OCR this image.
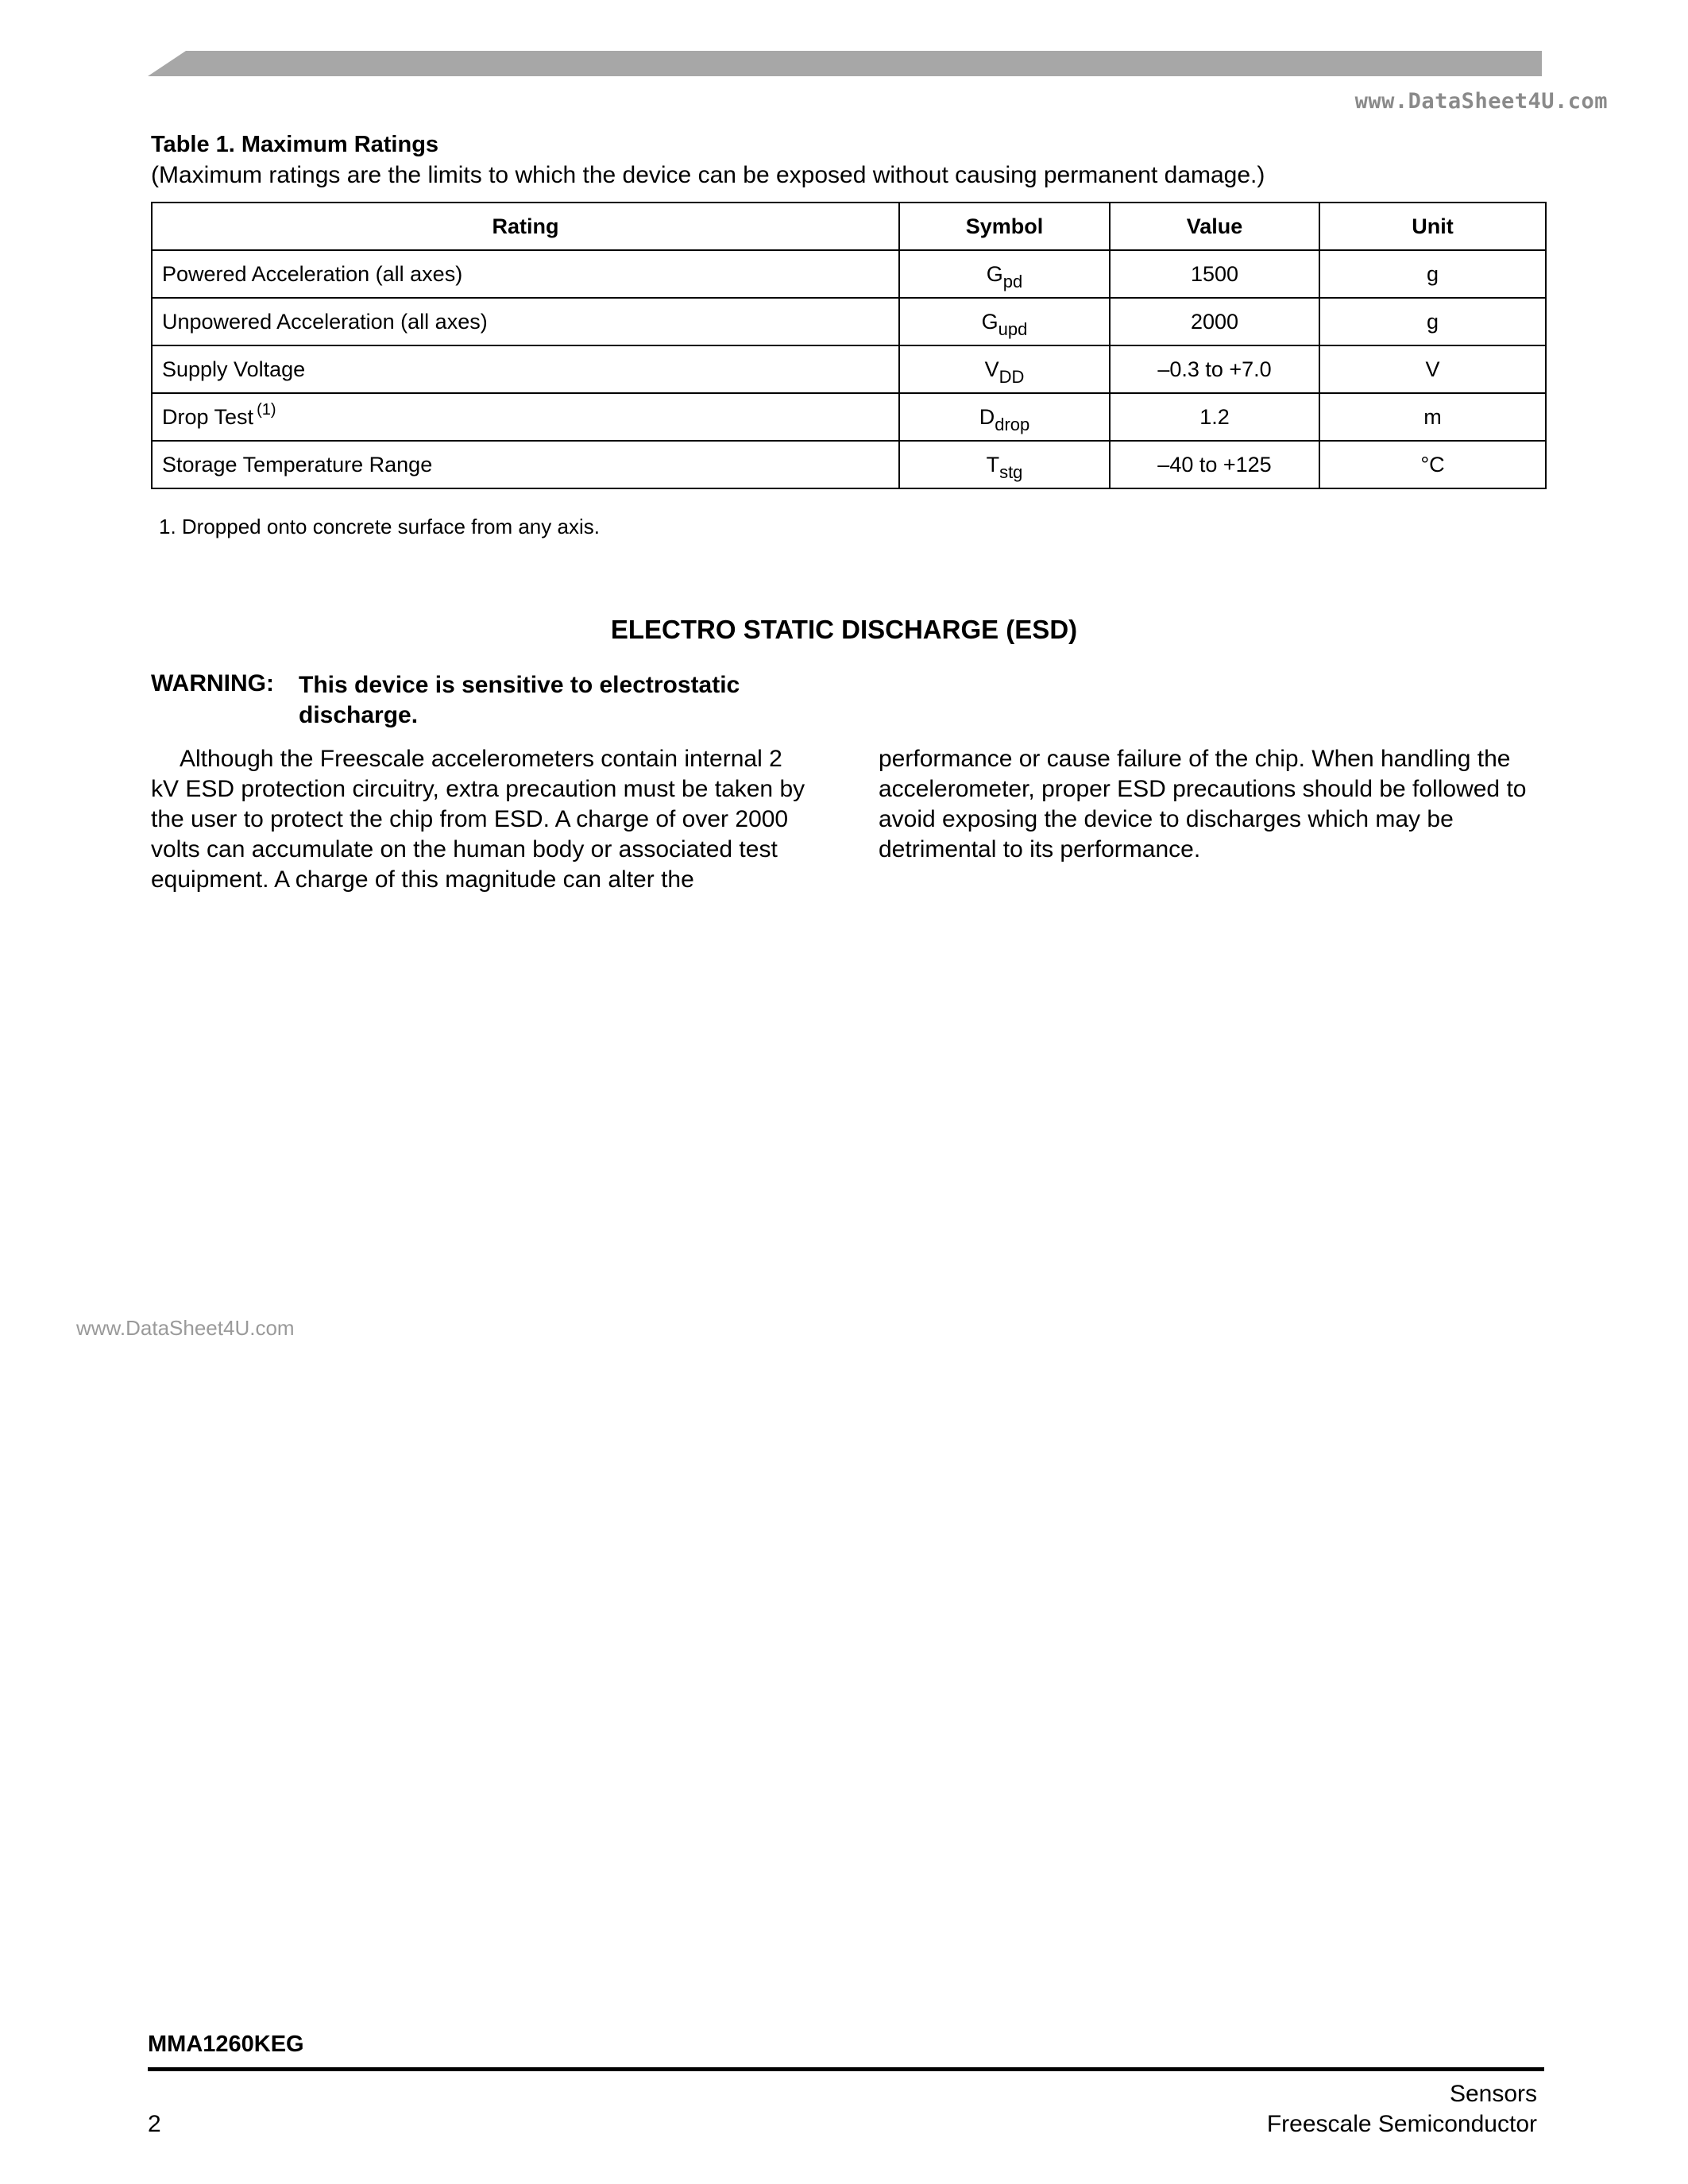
www.DataSheet4U.com
Table 1. Maximum Ratings
(Maximum ratings are the limits to which the device can be exposed without causing permanent damage.)
Rating	Symbol	Value	Unit
Powered Acceleration (all axes)	$G_{pd}$	1500	g
Unpowered Acceleration (all axes)	$G_{upd}$	2000	g
Supply Voltage	$V_{DD}$	–0.3 to +7.0	V
Drop Test $^{(1)}$	$D_{drop}$	1.2	m
Storage Temperature Range	$T_{stg}$	–40 to +125	°C
1. Dropped onto concrete surface from any axis.
ELECTRO STATIC DISCHARGE (ESD)
WARNING: This device is sensitive to electrostatic discharge.
Although the Freescale accelerometers contain internal 2 kV ESD protection circuitry, extra precaution must be taken by the user to protect the chip from ESD. A charge of over 2000 volts can accumulate on the human body or associated test equipment. A charge of this magnitude can alter the
performance or cause failure of the chip. When handling the accelerometer, proper ESD precautions should be followed to avoid exposing the device to discharges which may be detrimental to its performance.
www.DataSheet4U.com
MMA1260KEG
Sensors
Freescale Semiconductor
2
